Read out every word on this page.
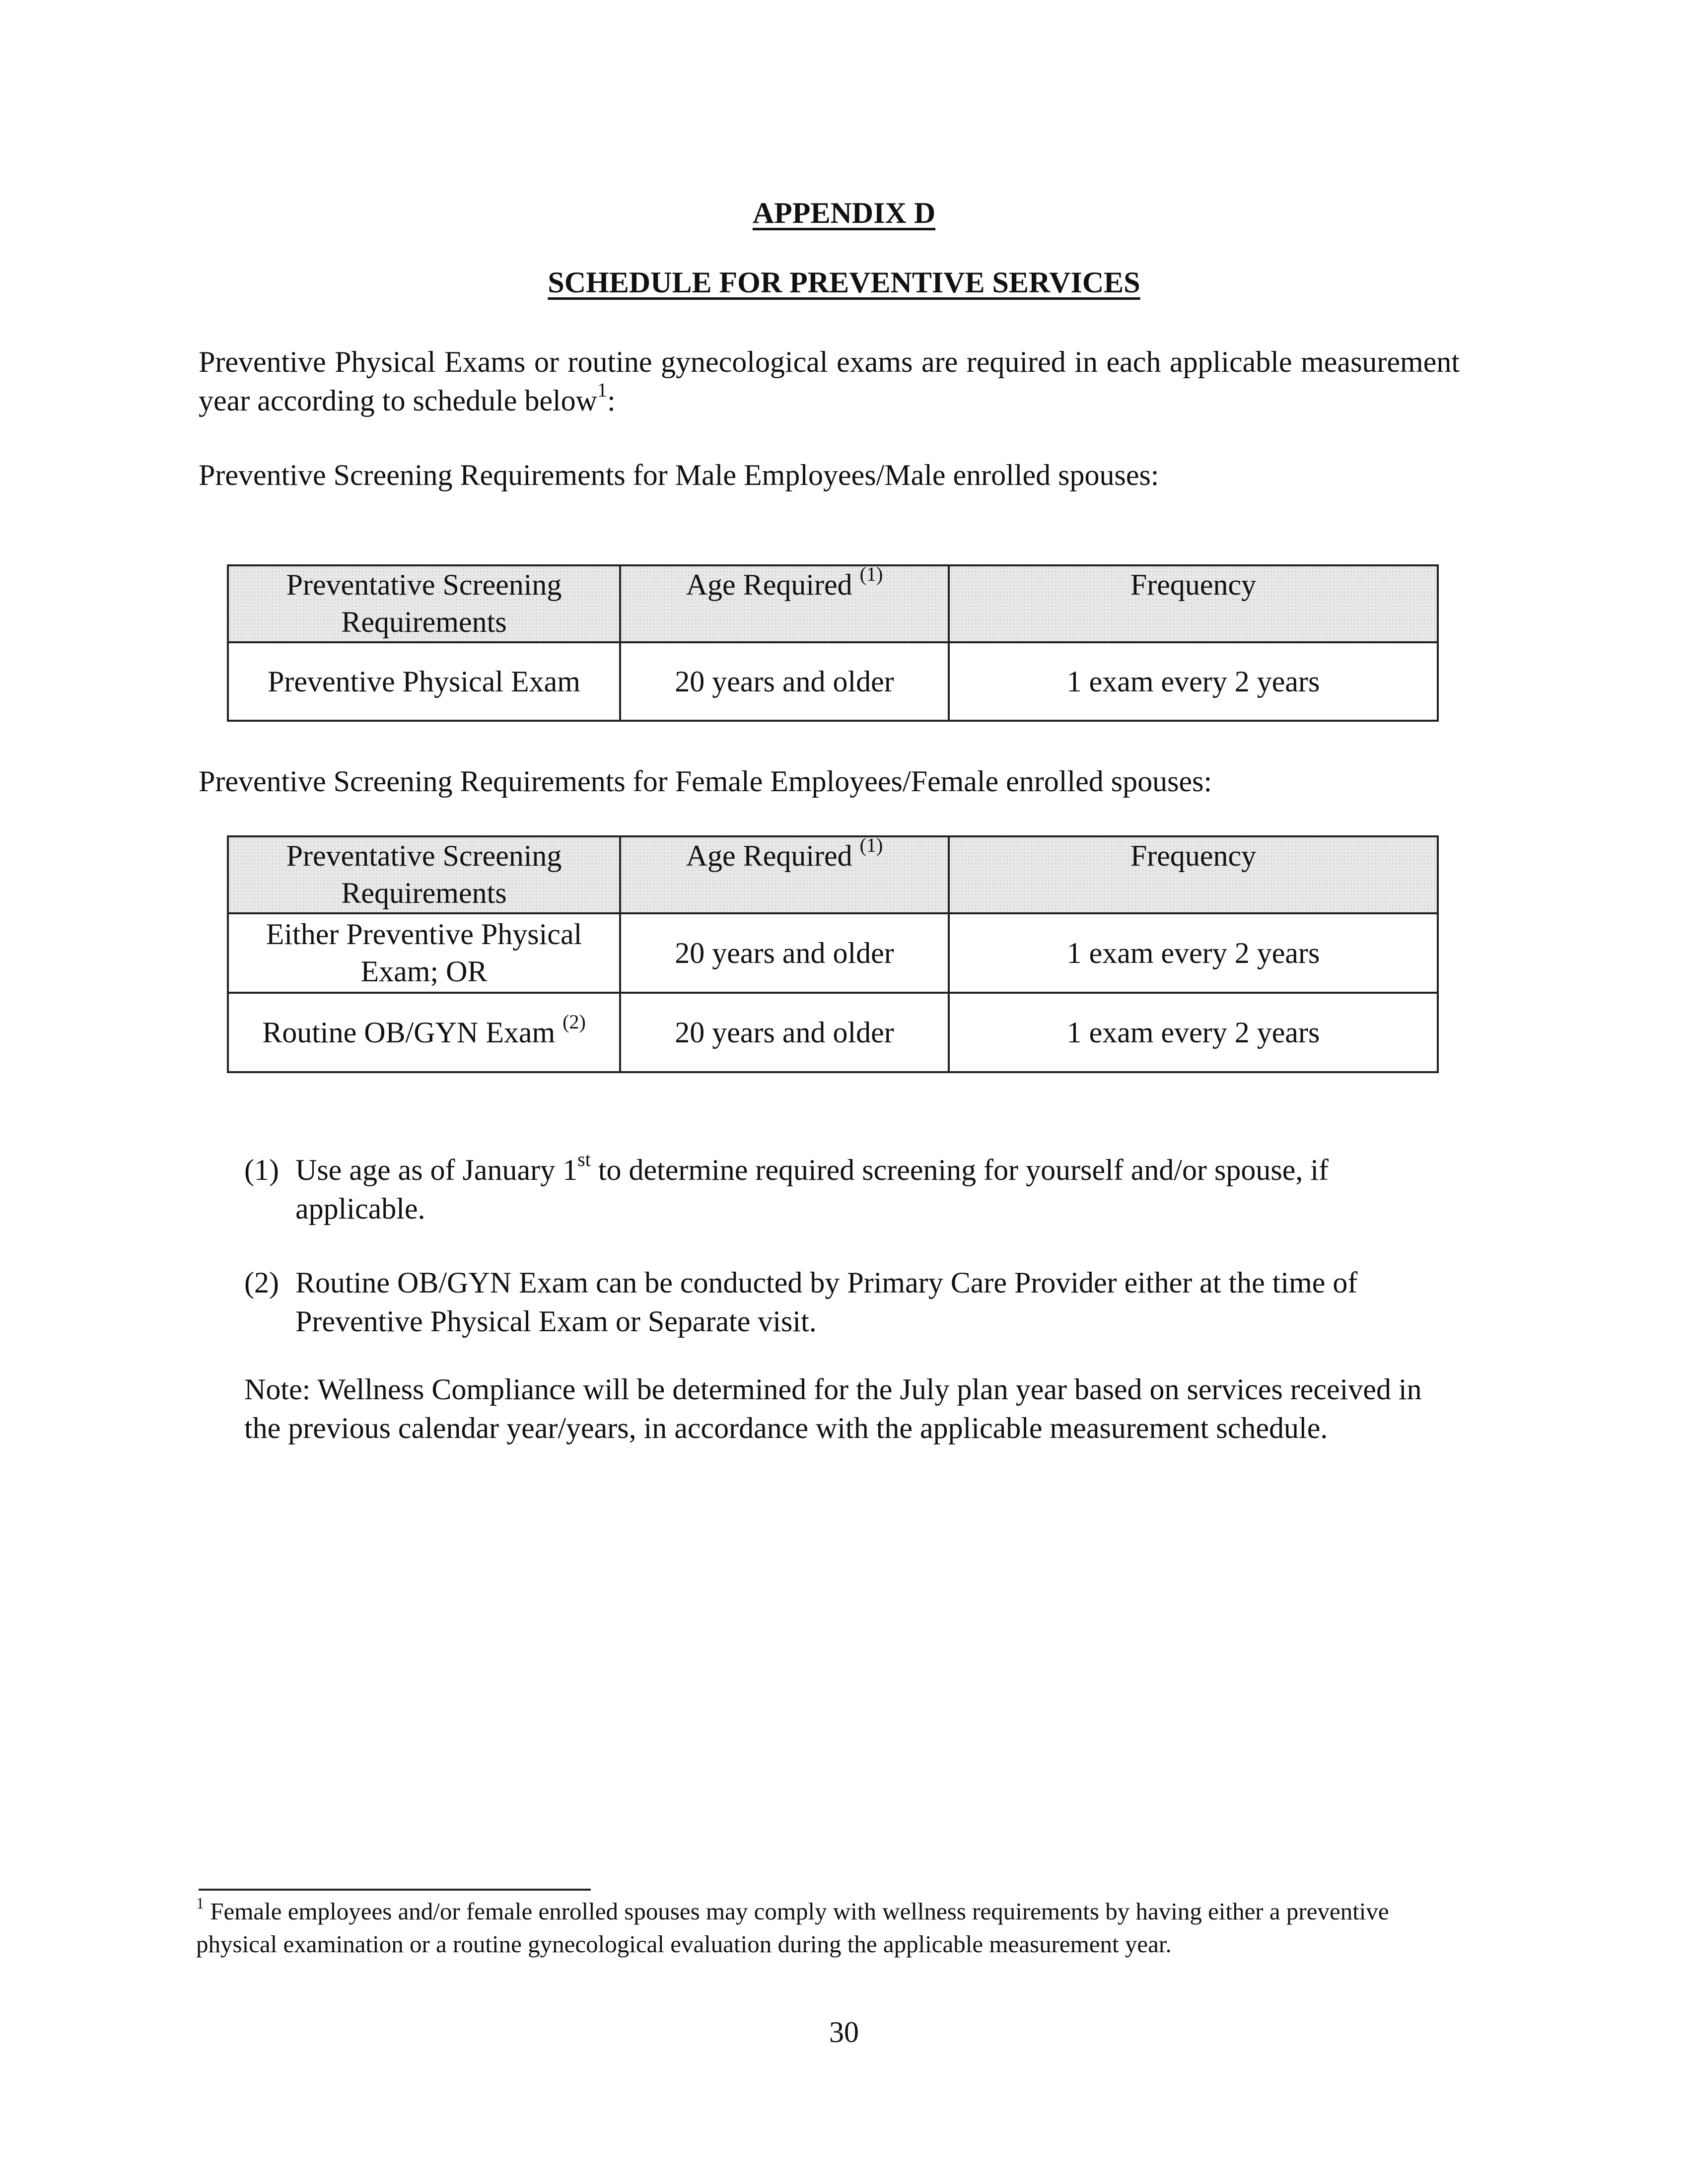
APPENDIX D
SCHEDULE FOR PREVENTIVE SERVICES
Preventive Physical Exams or routine gynecological exams are required in each applicable measurement year according to schedule below$^1$:
Preventive Screening Requirements for Male Employees/Male enrolled spouses:
Preventative Screening Requirements	Age Required $^{(1)}$	Frequency
Preventive Physical Exam	20 years and older	1 exam every 2 years
Preventive Screening Requirements for Female Employees/Female enrolled spouses:
Preventative Screening Requirements	Age Required $^{(1)}$	Frequency
Either Preventive Physical Exam; OR	20 years and older	1 exam every 2 years
Routine OB/GYN Exam $^{(2)}$	20 years and older	1 exam every 2 years
(1) Use age as of January 1st to determine required screening for yourself and/or spouse, if applicable.
(2) Routine OB/GYN Exam can be conducted by Primary Care Provider either at the time of Preventive Physical Exam or Separate visit.
Note: Wellness Compliance will be determined for the July plan year based on services received in the previous calendar year/years, in accordance with the applicable measurement schedule.
$^1$ Female employees and/or female enrolled spouses may comply with wellness requirements by having either a preventive physical examination or a routine gynecological evaluation during the applicable measurement year.
30
